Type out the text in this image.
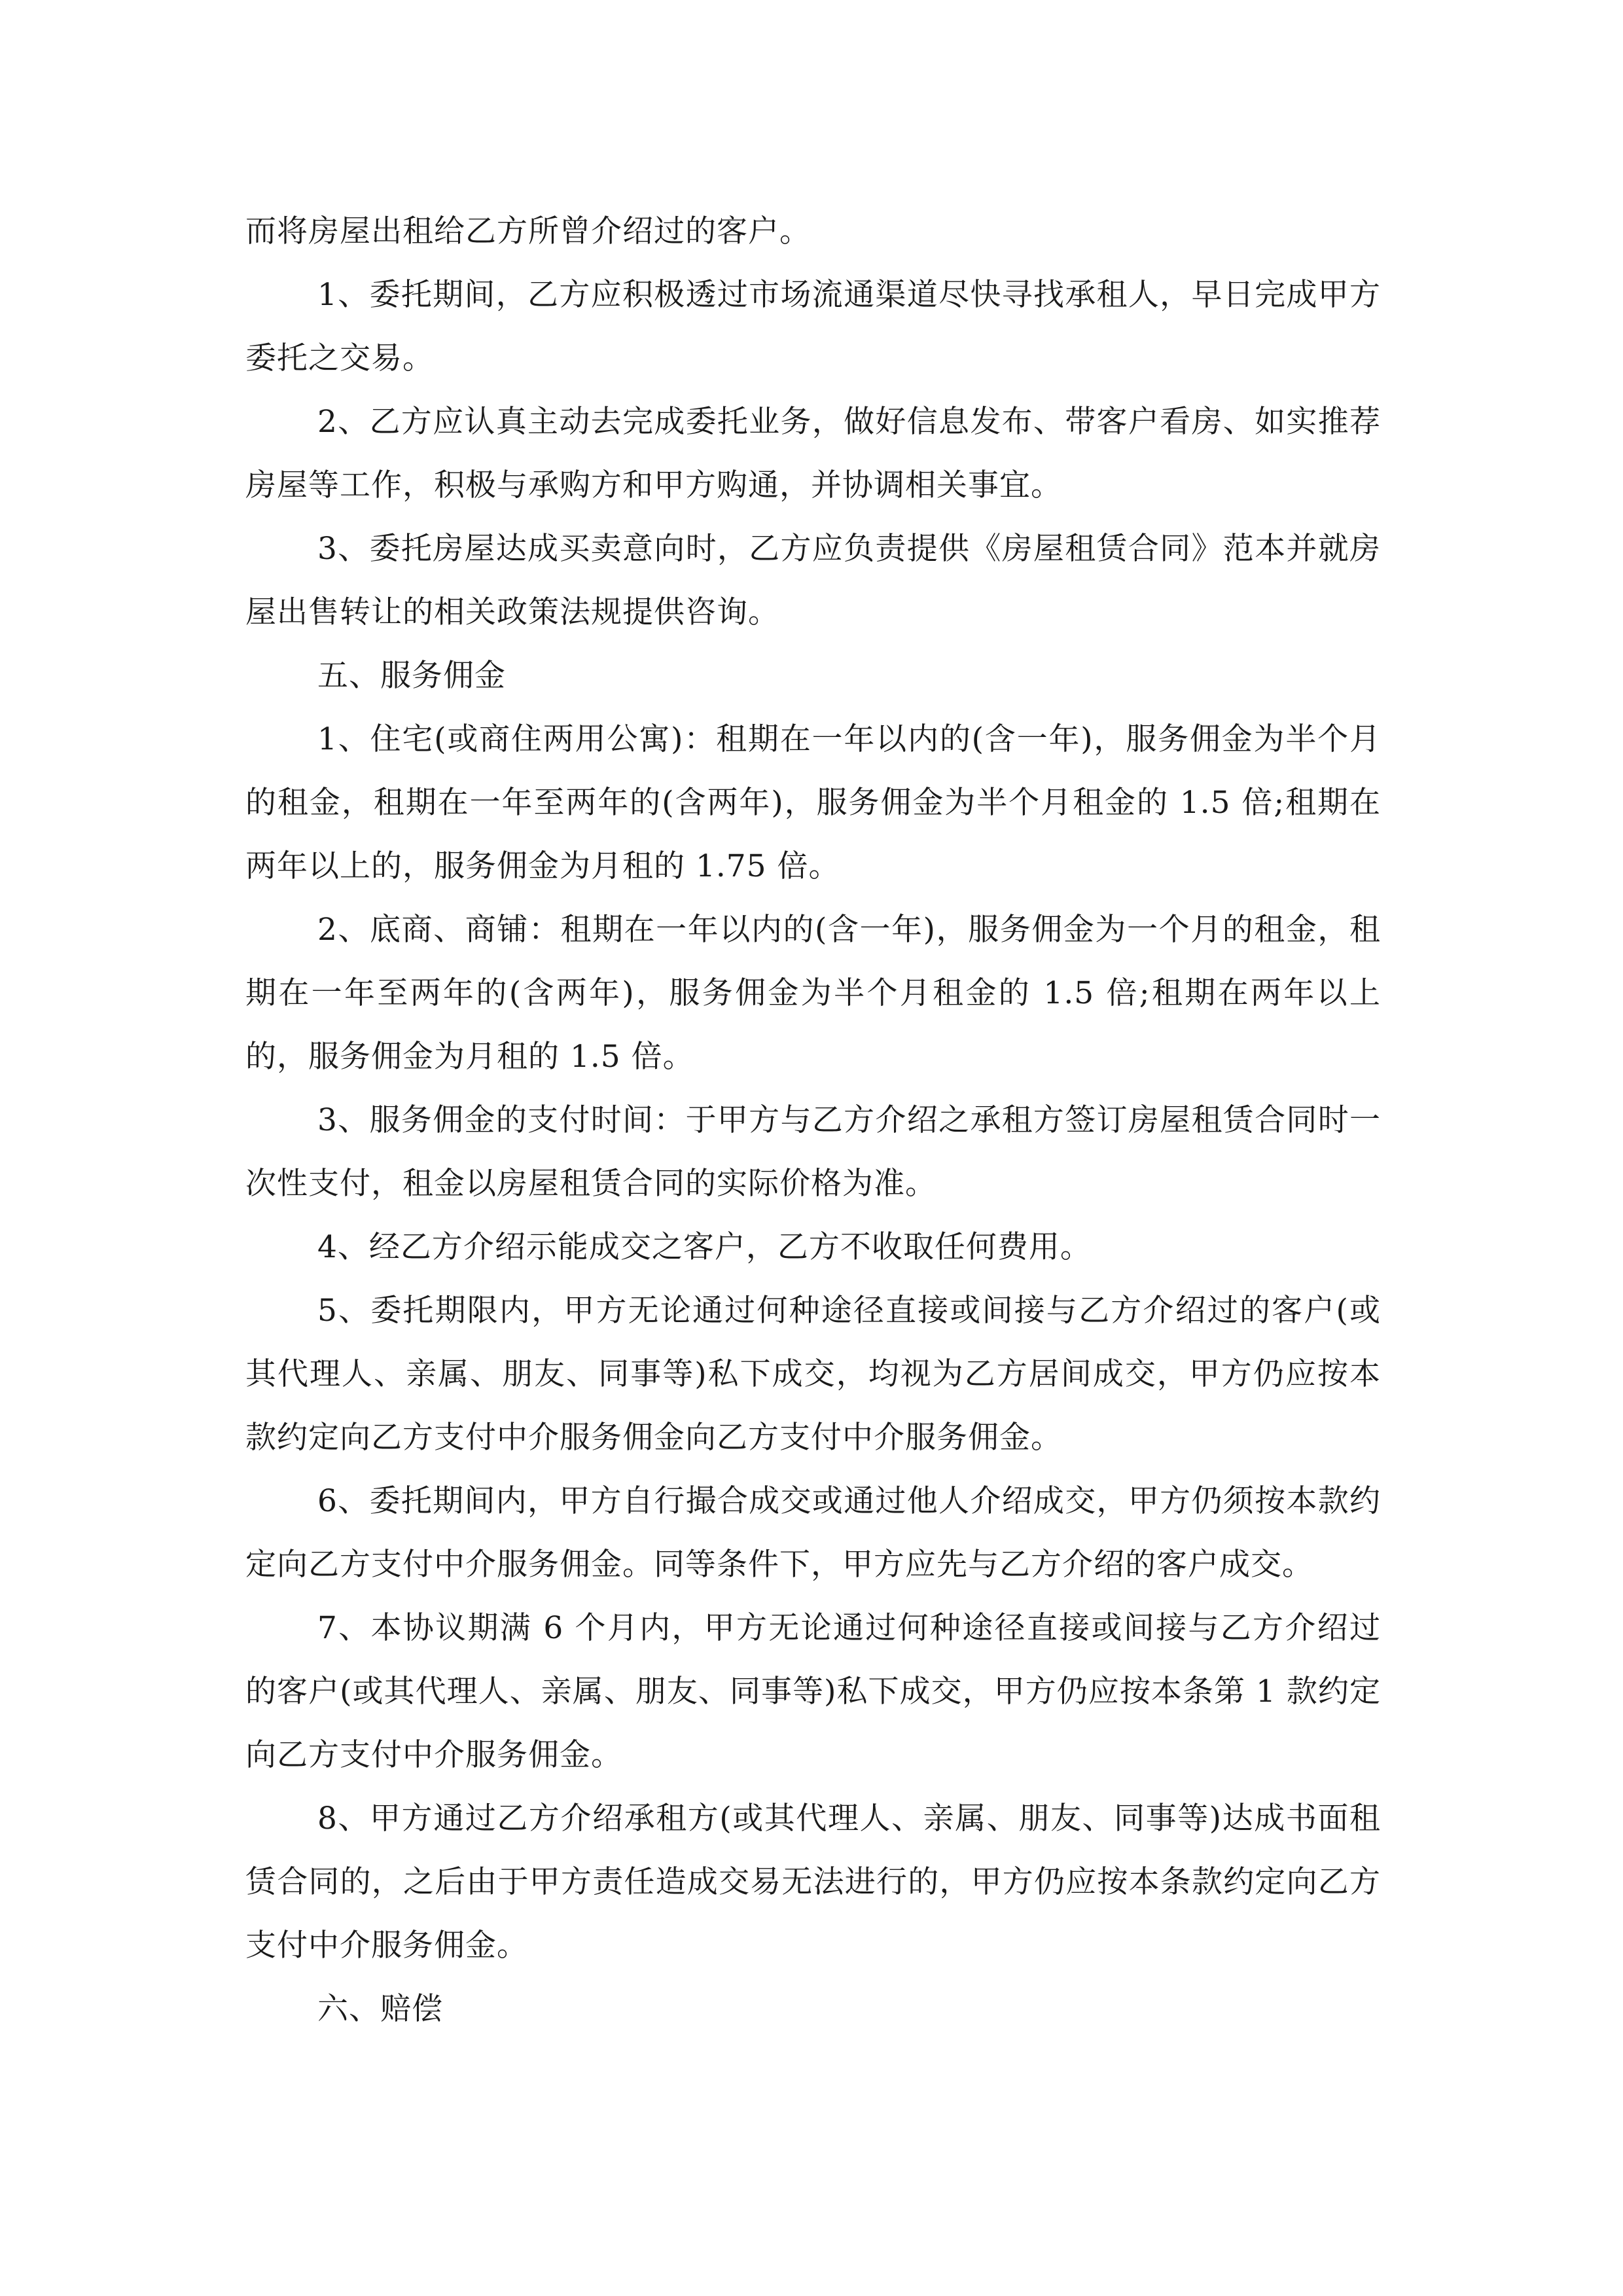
而将房屋出租给乙方所曾介绍过的客户。

1、委托期间，乙方应积极透过市场流通渠道尽快寻找承租人，早日完成甲方委托之交易。

2、乙方应认真主动去完成委托业务，做好信息发布、带客户看房、如实推荐房屋等工作，积极与承购方和甲方购通，并协调相关事宜。

3、委托房屋达成买卖意向时，乙方应负责提供《房屋租赁合同》范本并就房屋出售转让的相关政策法规提供咨询。

五、服务佣金

1、住宅(或商住两用公寓)：租期在一年以内的(含一年)，服务佣金为半个月的租金，租期在一年至两年的(含两年)，服务佣金为半个月租金的 1.5 倍;租期在两年以上的，服务佣金为月租的 1.75 倍。

2、底商、商铺：租期在一年以内的(含一年)，服务佣金为一个月的租金，租期在一年至两年的(含两年)，服务佣金为半个月租金的 1.5 倍;租期在两年以上的，服务佣金为月租的 1.5 倍。

3、服务佣金的支付时间：于甲方与乙方介绍之承租方签订房屋租赁合同时一次性支付，租金以房屋租赁合同的实际价格为准。

4、经乙方介绍示能成交之客户，乙方不收取任何费用。

5、委托期限内，甲方无论通过何种途径直接或间接与乙方介绍过的客户(或其代理人、亲属、朋友、同事等)私下成交，均视为乙方居间成交，甲方仍应按本款约定向乙方支付中介服务佣金向乙方支付中介服务佣金。

6、委托期间内，甲方自行撮合成交或通过他人介绍成交，甲方仍须按本款约定向乙方支付中介服务佣金。同等条件下，甲方应先与乙方介绍的客户成交。

7、本协议期满 6 个月内，甲方无论通过何种途径直接或间接与乙方介绍过的客户(或其代理人、亲属、朋友、同事等)私下成交，甲方仍应按本条第 1 款约定向乙方支付中介服务佣金。

8、甲方通过乙方介绍承租方(或其代理人、亲属、朋友、同事等)达成书面租赁合同的，之后由于甲方责任造成交易无法进行的，甲方仍应按本条款约定向乙方支付中介服务佣金。

六、赔偿
